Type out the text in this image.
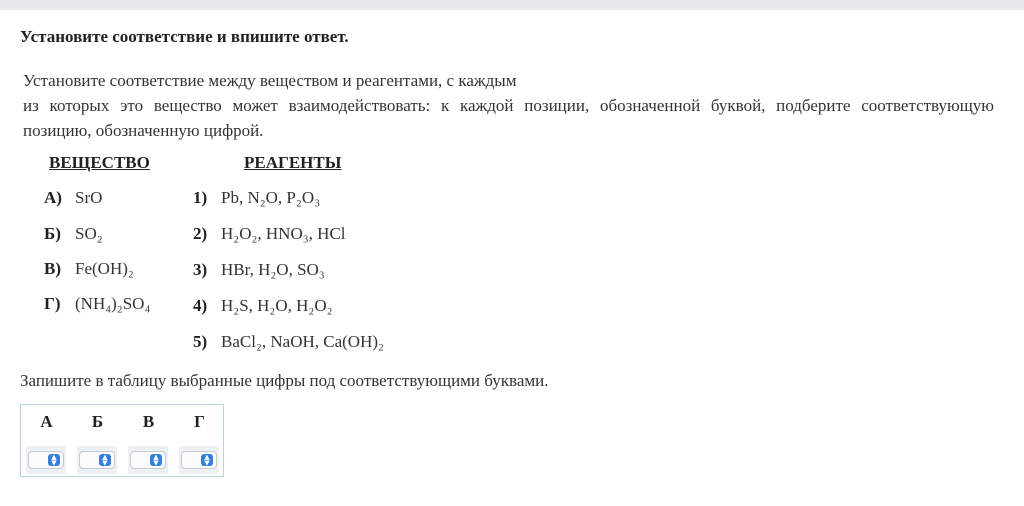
Установите соответствие и впишите ответ.
Установите соответствие между веществом и реагентами, с каждым
из которых это вещество может взаимодействовать: к каждой позиции, обозначенной буквой, подберите соответствующую
позицию, обозначенную цифрой.
ВЕЩЕСТВО	РЕАГЕНТЫ
А) SrO
Б) SO₂
В) Fe(OH)₂
Г) (NH₄)₂SO₄
1) Pb, N₂O, P₂O₃
2) H₂O₂, HNO₃, HCl
3) HBr, H₂O, SO₃
4) H₂S, H₂O, H₂O₂
5) BaCl₂, NaOH, Ca(OH)₂
Запишите в таблицу выбранные цифры под соответствующими буквами.
А	Б	В	Г
▲
▼
▲
▼
▲
▼
▲
▼
